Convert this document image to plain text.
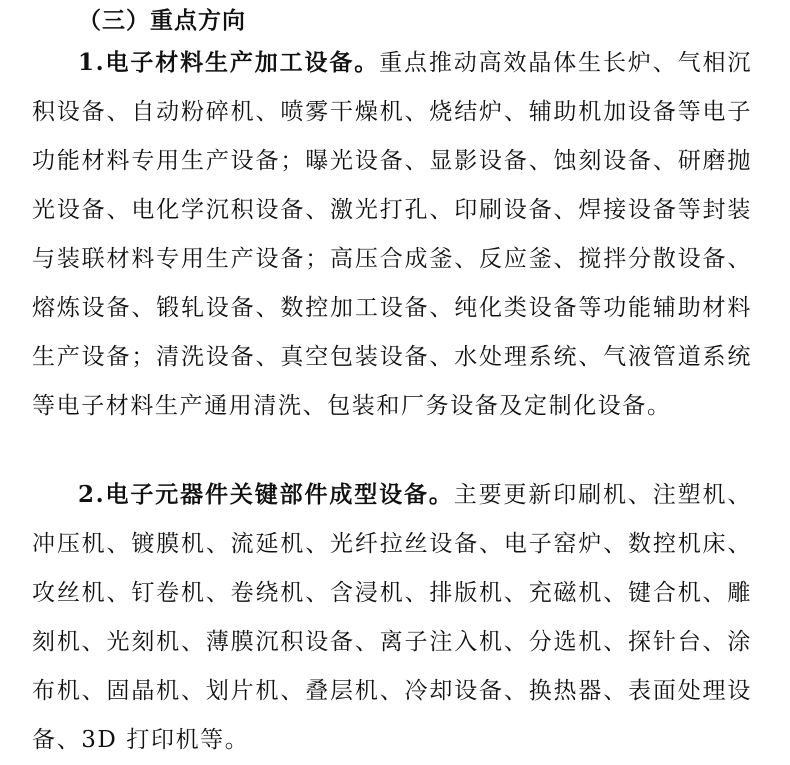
（三）重点方向

1.电子材料生产加工设备。重点推动高效晶体生长炉、气相沉积设备、自动粉碎机、喷雾干燥机、烧结炉、辅助机加设备等电子功能材料专用生产设备；曝光设备、显影设备、蚀刻设备、研磨抛光设备、电化学沉积设备、激光打孔、印刷设备、焊接设备等封装与装联材料专用生产设备；高压合成釜、反应釜、搅拌分散设备、熔炼设备、锻轧设备、数控加工设备、纯化类设备等功能辅助材料生产设备；清洗设备、真空包装设备、水处理系统、气液管道系统等电子材料生产通用清洗、包装和厂务设备及定制化设备。

2.电子元器件关键部件成型设备。主要更新印刷机、注塑机、冲压机、镀膜机、流延机、光纤拉丝设备、电子窑炉、数控机床、攻丝机、钉卷机、卷绕机、含浸机、排版机、充磁机、键合机、雕刻机、光刻机、薄膜沉积设备、离子注入机、分选机、探针台、涂布机、固晶机、划片机、叠层机、冷却设备、换热器、表面处理设备、3D 打印机等。
